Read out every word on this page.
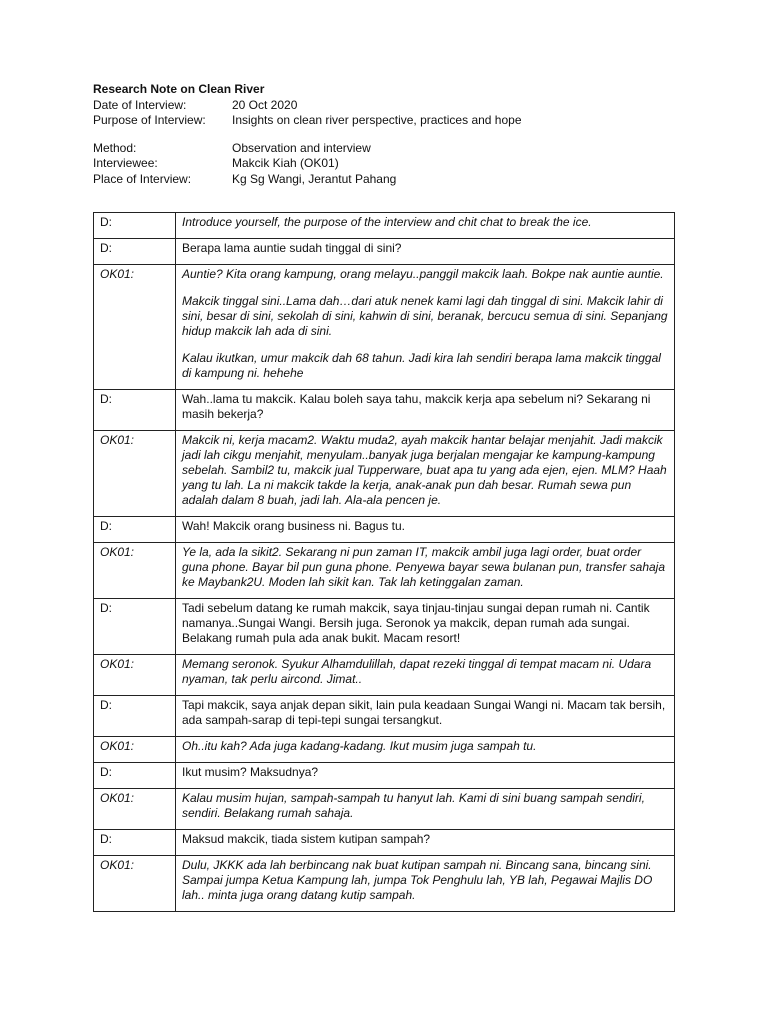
Research Note on Clean River
Date of Interview:	20 Oct 2020
Purpose of Interview:	Insights on clean river perspective, practices and hope
Method:	Observation and interview
Interviewee:	Makcik Kiah (OK01)
Place of Interview:	Kg Sg Wangi, Jerantut Pahang
D:	Introduce yourself, the purpose of the interview and chit chat to break the ice.

D:	Berapa lama auntie sudah tinggal di sini?

OK01:	Auntie? Kita orang kampung, orang melayu..panggil makcik laah. Bokpe nak auntie auntie.

Makcik tinggal sini..Lama dah…dari atuk nenek kami lagi dah tinggal di sini. Makcik lahir di sini, besar di sini, sekolah di sini, kahwin di sini, beranak, bercucu semua di sini. Sepanjang hidup makcik lah ada di sini.

Kalau ikutkan, umur makcik dah 68 tahun. Jadi kira lah sendiri berapa lama makcik tinggal di kampung ni. hehehe

D:	Wah..lama tu makcik. Kalau boleh saya tahu, makcik kerja apa sebelum ni? Sekarang ni masih bekerja?

OK01:	Makcik ni, kerja macam2. Waktu muda2, ayah makcik hantar belajar menjahit. Jadi makcik jadi lah cikgu menjahit, menyulam..banyak juga berjalan mengajar ke kampung-kampung sebelah. Sambil2 tu, makcik jual Tupperware, buat apa tu yang ada ejen, ejen. MLM? Haah yang tu lah. La ni makcik takde la kerja, anak-anak pun dah besar. Rumah sewa pun adalah dalam 8 buah, jadi lah. Ala-ala pencen je.

D:	Wah! Makcik orang business ni. Bagus tu.

OK01:	Ye la, ada la sikit2. Sekarang ni pun zaman IT, makcik ambil juga lagi order, buat order guna phone. Bayar bil pun guna phone. Penyewa bayar sewa bulanan pun, transfer sahaja ke Maybank2U. Moden lah sikit kan. Tak lah ketinggalan zaman.

D:	Tadi sebelum datang ke rumah makcik, saya tinjau-tinjau sungai depan rumah ni. Cantik namanya..Sungai Wangi. Bersih juga. Seronok ya makcik, depan rumah ada sungai. Belakang rumah pula ada anak bukit. Macam resort!

OK01:	Memang seronok. Syukur Alhamdulillah, dapat rezeki tinggal di tempat macam ni. Udara nyaman, tak perlu aircond. Jimat..

D:	Tapi makcik, saya anjak depan sikit, lain pula keadaan Sungai Wangi ni. Macam tak bersih, ada sampah-sarap di tepi-tepi sungai tersangkut.

OK01:	Oh..itu kah? Ada juga kadang-kadang. Ikut musim juga sampah tu.

D:	Ikut musim? Maksudnya?

OK01:	Kalau musim hujan, sampah-sampah tu hanyut lah. Kami di sini buang sampah sendiri, sendiri. Belakang rumah sahaja.

D:	Maksud makcik, tiada sistem kutipan sampah?

OK01:	Dulu, JKKK ada lah berbincang nak buat kutipan sampah ni. Bincang sana, bincang sini. Sampai jumpa Ketua Kampung lah, jumpa Tok Penghulu lah, YB lah, Pegawai Majlis DO lah.. minta juga orang datang kutip sampah.
